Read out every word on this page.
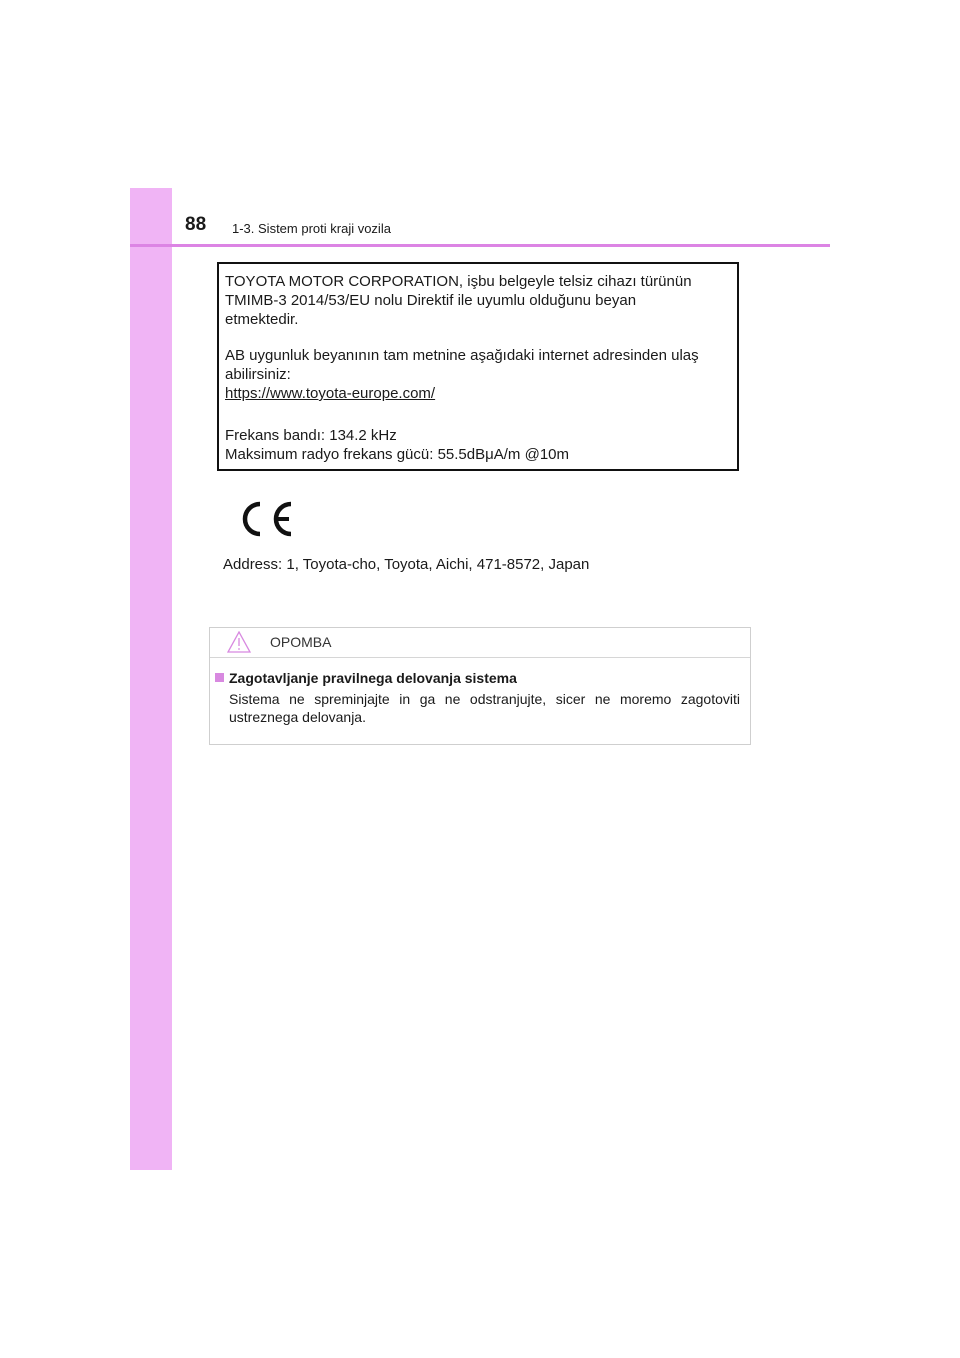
88 1-3. Sistem proti kraji vozila
TOYOTA MOTOR CORPORATION, işbu belgeyle telsiz cihazı türünün
TMIMB-3 2014/53/EU nolu Direktif ile uyumlu olduğunu beyan
etmektedir.
AB uygunluk beyanının tam metnine aşağıdaki internet adresinden ulaş
abilirsiniz:
https://www.toyota-europe.com/
Frekans bandı: 134.2 kHz
Maksimum radyo frekans gücü: 55.5dBμA/m @10m
Address: 1, Toyota-cho, Toyota, Aichi, 471-8572, Japan
OPOMBA
Zagotavljanje pravilnega delovanja sistema
Sistema ne spreminjajte in ga ne odstranjujte, sicer ne moremo zagotoviti ustreznega delovanja.
